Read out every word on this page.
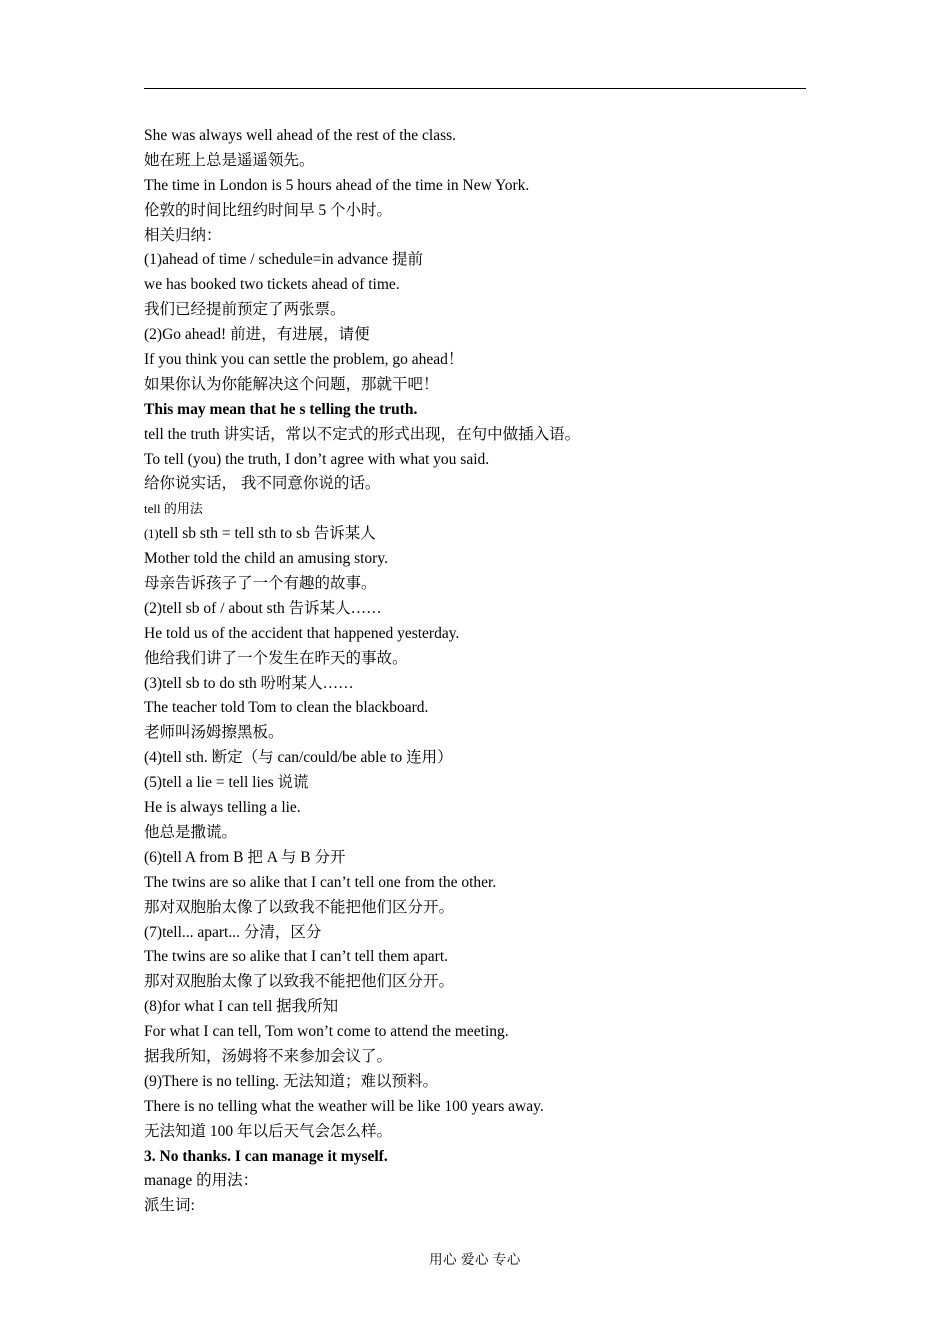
She was always well ahead of the rest of the class.
她在班上总是遥遥领先。
The time in London is 5 hours ahead of the time in New York.
伦敦的时间比纽约时间早 5 个小时。
相关归纳：
(1)ahead of time / schedule=in advance 提前
we has booked two tickets ahead of time.
我们已经提前预定了两张票。
(2)Go ahead! 前进，有进展，请便
If you think you can settle the problem, go ahead！
如果你认为你能解决这个问题，那就干吧！
This may mean that he s telling the truth.
tell the truth 讲实话，常以不定式的形式出现，在句中做插入语。
To tell (you) the truth, I don’t agree with what you said.
给你说实话， 我不同意你说的话。
tell 的用法
(1)tell sb sth = tell sth to sb 告诉某人
Mother told the child an amusing story.
母亲告诉孩子了一个有趣的故事。
(2)tell sb of / about sth 告诉某人……
He told us of the accident that happened yesterday.
他给我们讲了一个发生在昨天的事故。
(3)tell sb to do sth 吩咐某人……
The teacher told Tom to clean the blackboard.
老师叫汤姆擦黑板。
(4)tell sth. 断定（与 can/could/be able to 连用）
(5)tell a lie = tell lies 说谎
He is always telling a lie.
他总是撒谎。
(6)tell A from B 把 A 与 B 分开
The twins are so alike that I can’t tell one from the other.
那对双胞胎太像了以致我不能把他们区分开。
(7)tell... apart... 分清，区分
The twins are so alike that I can’t tell them apart.
那对双胞胎太像了以致我不能把他们区分开。
(8)for what I can tell 据我所知
For what I can tell, Tom won’t come to attend the meeting.
据我所知，汤姆将不来参加会议了。
(9)There is no telling. 无法知道；难以预料。
There is no telling what the weather will be like 100 years away.
无法知道 100 年以后天气会怎么样。
3. No thanks. I can manage it myself.
manage 的用法：
派生词:
用心 爱心 专心
